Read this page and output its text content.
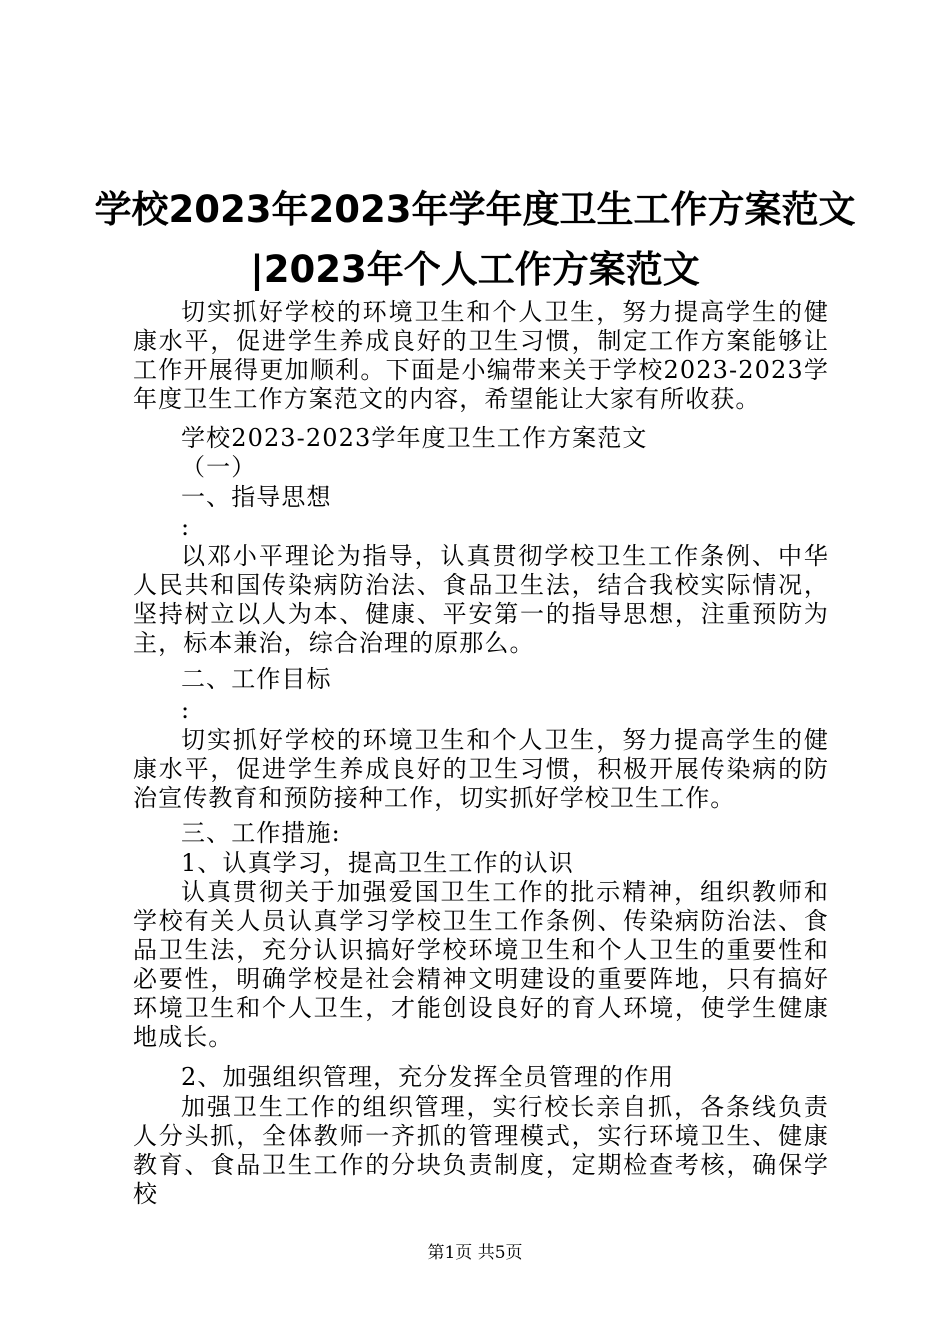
学校2023年2023年学年度卫生工作方案范文
|2023年个人工作方案范文

切实抓好学校的环境卫生和个人卫生，努力提高学生的健康水平，促进学生养成良好的卫生习惯，制定工作方案能够让工作开展得更加顺利。下面是小编带来关于学校2023-2023学年度卫生工作方案范文的内容，希望能让大家有所收获。

学校2023-2023学年度卫生工作方案范文

（一）

一、指导思想

:

以邓小平理论为指导，认真贯彻学校卫生工作条例、中华人民共和国传染病防治法、食品卫生法，结合我校实际情况，坚持树立以人为本、健康、平安第一的指导思想，注重预防为主，标本兼治，综合治理的原那么。

二、工作目标

:

切实抓好学校的环境卫生和个人卫生，努力提高学生的健康水平，促进学生养成良好的卫生习惯，积极开展传染病的防治宣传教育和预防接种工作，切实抓好学校卫生工作。

三、工作措施:

1、认真学习，提高卫生工作的认识

认真贯彻关于加强爱国卫生工作的批示精神，组织教师和学校有关人员认真学习学校卫生工作条例、传染病防治法、食品卫生法，充分认识搞好学校环境卫生和个人卫生的重要性和必要性，明确学校是社会精神文明建设的重要阵地，只有搞好环境卫生和个人卫生，才能创设良好的育人环境，使学生健康地成长。

2、加强组织管理，充分发挥全员管理的作用

加强卫生工作的组织管理，实行校长亲自抓，各条线负责人分头抓，全体教师一齐抓的管理模式，实行环境卫生、健康教育、食品卫生工作的分块负责制度，定期检查考核，确保学校

第1页 共5页
